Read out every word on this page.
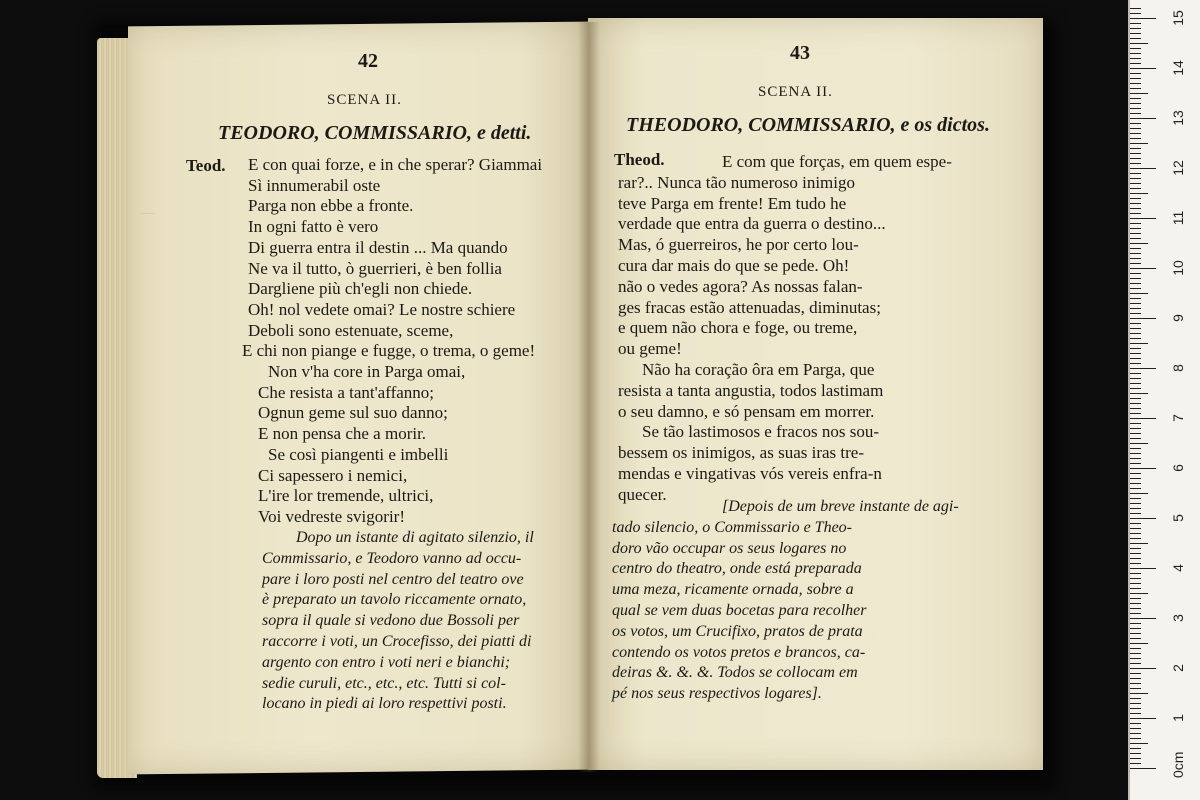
—
42
SCENA II.
TEODORO, COMMISSARIO, e detti.
Teod. E con quai forze, e in che sperar? Giammai
Sì innumerabil oste
Parga non ebbe a fronte.
In ogni fatto è vero
Di guerra entra il destin ... Ma quando
Ne va il tutto, ò guerrieri, è ben follia
Dargliene più ch'egli non chiede.
Oh! nol vedete omai? Le nostre schiere
Deboli sono estenuate, sceme,
E chi non piange e fugge, o trema, o geme!
Non v'ha core in Parga omai,
Che resista a tant'affanno;
Ognun geme sul suo danno;
E non pensa che a morir.
Se così piangenti e imbelli
Ci sapessero i nemici,
L'ire lor tremende, ultrici,
Voi vedreste svigorir!
Dopo un istante di agitato silenzio, il
Commissario, e Teodoro vanno ad occu-
pare i loro posti nel centro del teatro ove
è preparato un tavolo riccamente ornato,
sopra il quale si vedono due Bossoli per
raccorre i voti, un Crocefisso, dei piatti di
argento con entro i voti neri e bianchi;
sedie curuli, etc., etc., etc. Tutti si col-
locano in piedi ai loro respettivi posti.
43
SCENA II.
THEODORO, COMMISSARIO, e os dictos.
Theod.	E com que forças, em quem espe-
rar?.. Nunca tão numeroso inimigo
teve Parga em frente! Em tudo he
verdade que entra da guerra o destino...
Mas, ó guerreiros, he por certo lou-
cura dar mais do que se pede. Oh!
não o vedes agora? As nossas falan-
ges fracas estão attenuadas, diminutas;
e quem não chora e foge, ou treme,
ou geme!
Não ha coração ôra em Parga, que
resista a tanta angustia, todos lastimam
o seu damno, e só pensam em morrer.
Se tão lastimosos e fracos nos sou-
bessem os inimigos, as suas iras tre-
mendas e vingativas vós vereis enfra-n
quecer.
[Depois de um breve instante de agi-
tado silencio, o Commissario e Theo-
doro vão occupar os seus logares no
centro do theatro, onde está preparada
uma meza, ricamente ornada, sobre a
qual se vem duas bocetas para recolher
os votos, um Crucifixo, pratos de prata
contendo os votos pretos e brancos, ca-
deiras &. &. &. Todos se collocam em
pé nos seus respectivos logares].
0cm
1
2
3
4
5
6
7
8
9
10
11
12
13
14
15
